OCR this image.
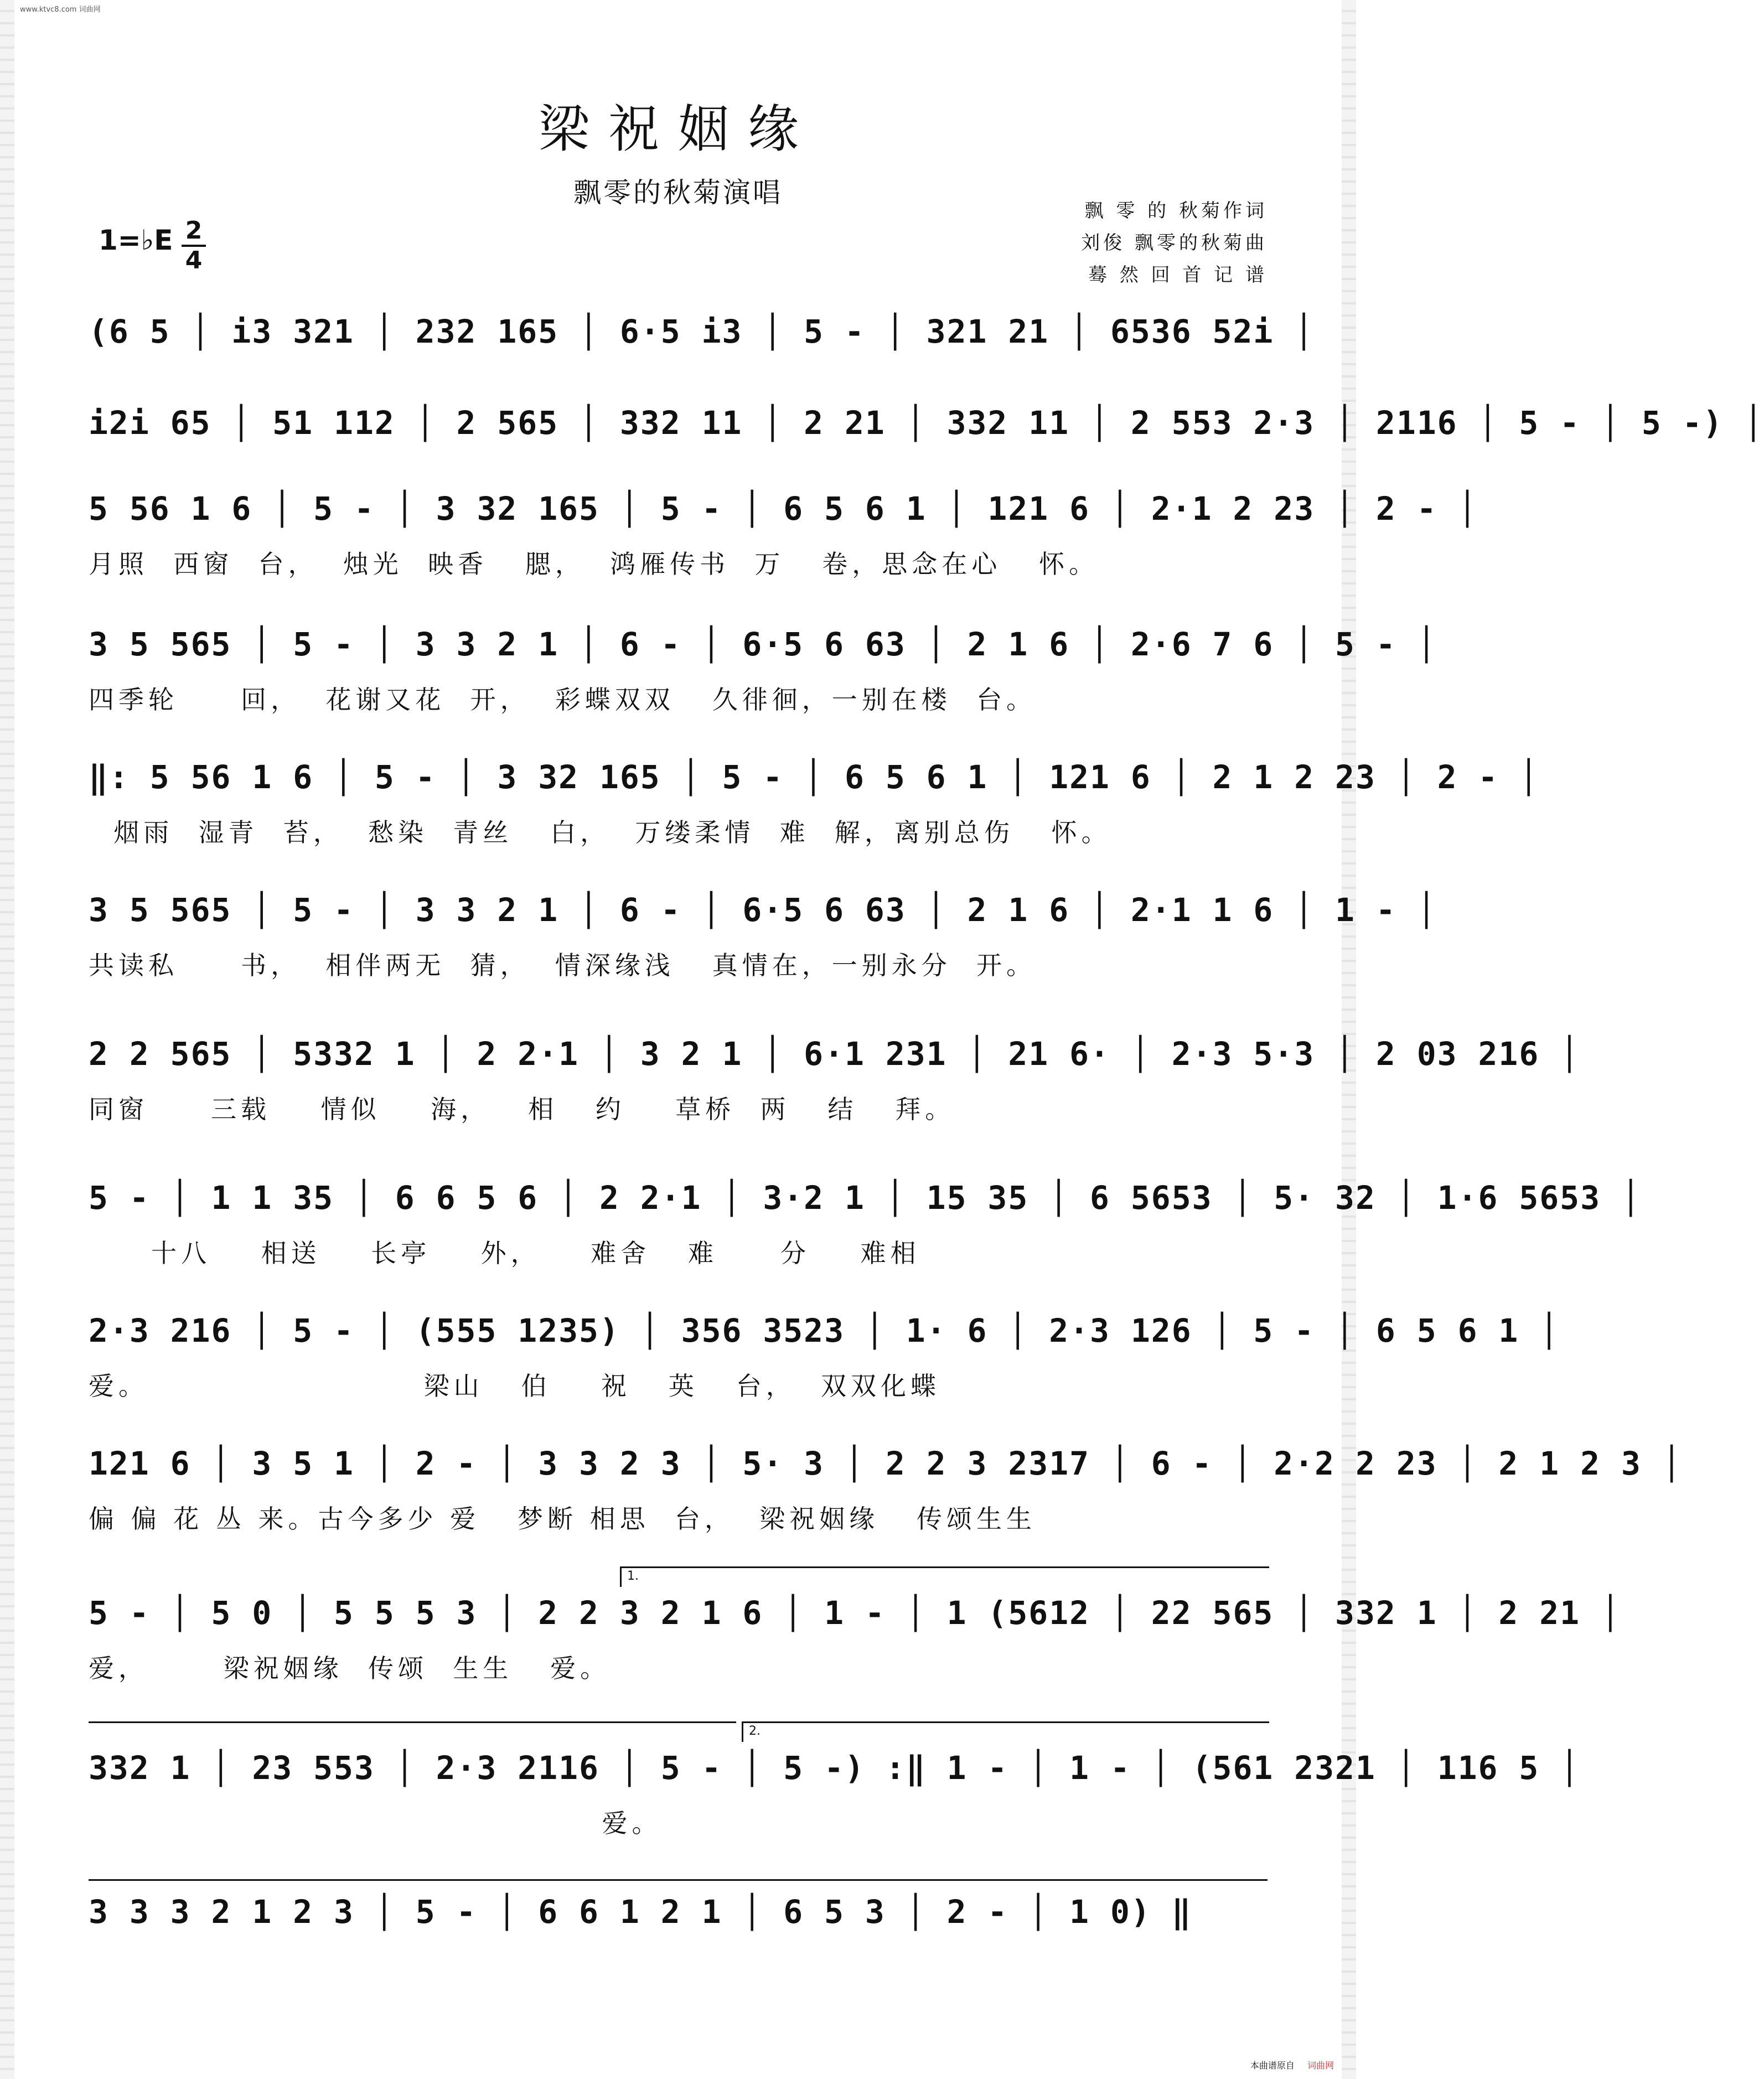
www.ktvc8.com 词曲网
梁祝姻缘
飘零的秋菊演唱
飘 零 的 秋菊作词
刘俊 飘零的秋菊曲
蓦 然 回 首 记 谱
1=♭E 2
4
(6 5 │ i3 321 │ 232 165 │ 6·5 i3 │ 5 - │ 321 21 │ 6536 52i │
i2i 65 │ 51 112 │ 2 565 │ 332 11 │ 2 21 │ 332 11 │ 2 553 2·3 │ 2116 │ 5 - │ 5 -) │
5 56 1 6 │ 5 - │ 3 32 165 │ 5 - │ 6 5 6 1 │ 121 6 │ 2·1 2 23 │ 2 - │
月照  西窗  台，  烛光  映香   腮，  鸿雁传书  万   卷，思念在心   怀。
3 5 565 │ 5 - │ 3 3 2 1 │ 6 - │ 6·5 6 63 │ 2 1 6 │ 2·6 7 6 │ 5 - │
四季轮     回，  花谢又花  开，  彩蝶双双   久徘徊，一别在楼  台。
‖: 5 56 1 6 │ 5 - │ 3 32 165 │ 5 - │ 6 5 6 1 │ 121 6 │ 2 1 2 23 │ 2 - │
烟雨  湿青  苔，  愁染  青丝   白，  万缕柔情  难  解，离别总伤   怀。
3 5 565 │ 5 - │ 3 3 2 1 │ 6 - │ 6·5 6 63 │ 2 1 6 │ 2·1 1 6 │ 1 - │
共读私     书，  相伴两无  猜，  情深缘浅   真情在，一别永分  开。
2 2 565 │ 5332 1 │ 2 2·1 │ 3 2 1 │ 6·1 231 │ 21 6· │ 2·3 5·3 │ 2 03 216 │
同窗     三载    情似    海，   相   约    草桥  两   结   拜。
5 - │ 1 1 35 │ 6 6 5 6 │ 2 2·1 │ 3·2 1 │ 15 35 │ 6 5653 │ 5· 32 │ 1·6 5653 │
十八    相送    长亭    外，    难舍   难     分    难相
2·3 216 │ 5 - │ (555 1235) │ 356 3523 │ 1· 6 │ 2·3 126 │ 5 - │ 6 5 6 1 │
爱。                      梁山   伯    祝   英   台，  双双化蝶
121 6 │ 3 5 1 │ 2 - │ 3 3 2 3 │ 5· 3 │ 2 2 3 2317 │ 6 - │ 2·2 2 23 │ 2 1 2 3 │
偏 偏 花 丛 来。古今多少 爱   梦断 相思  台，  梁祝姻缘   传颂生生
5 - │ 5 0 │ 5 5 5 3 │ 2 2 3 2 1 6 │ 1 - │ 1 (5612 │ 22 565 │ 332 1 │ 2 21 │
爱，      梁祝姻缘  传颂  生生   爱。
332 1 │ 23 553 │ 2·3 2116 │ 5 - │ 5 -) :‖ 1 - │ 1 - │ (561 2321 │ 116 5 │
爱。
3 3 3 2 1 2 3 │ 5 - │ 6 6 1 2 1 │ 6 5 3 │ 2 - │ 1 0) ‖
1.
2.
本曲谱原自 词曲网
